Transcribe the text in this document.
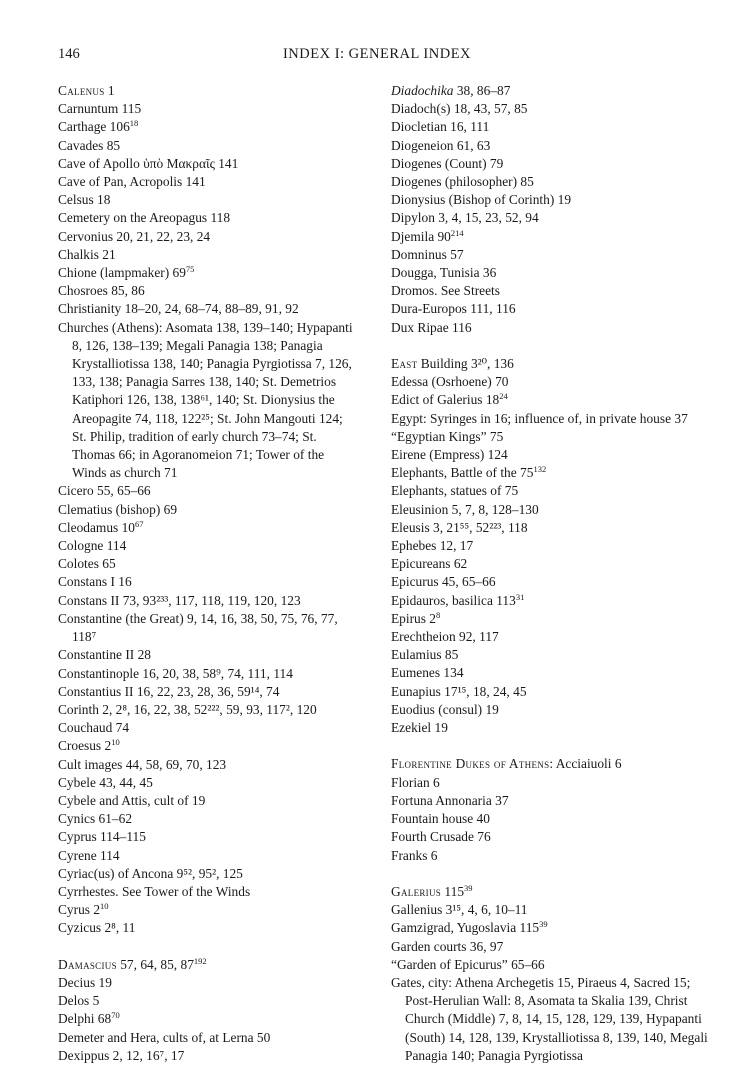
146	INDEX I: GENERAL INDEX
Calenus 1
Carnuntum 115
Carthage $106^{18}$
Cavades 85
Cave of Apollo ὑπὸ Μακραῖς 141
Cave of Pan, Acropolis 141
Celsus 18
Cemetery on the Areopagus 118
Cervonius 20, 21, 22, 23, 24
Chalkis 21
Chione (lampmaker) $69^{75}$
Chosroes 85, 86
Christianity 18–20, 24, 68–74, 88–89, 91, 92
Churches (Athens): Asomata 138, 139–140; Hypapanti 8, 126, 138–139; Megali Panagia 138; Panagia Krystalliotissa 138, 140; Panagia Pyrgiotissa 7, 126, 133, 138; Panagia Sarres 138, 140; St. Demetrios Katiphori 126, 138, 138⁶¹, 140; St. Dionysius the Areopagite 74, 118, 122²⁵; St. John Mangouti 124; St. Philip, tradition of early church 73–74; St. Thomas 66; in Agoranomeion 71; Tower of the Winds as church 71
Cicero 55, 65–66
Clematius (bishop) 69
Cleodamus $10^{67}$
Cologne 114
Colotes 65
Constans I 16
Constans II 73, 93²³³, 117, 118, 119, 120, 123
Constantine (the Great) 9, 14, 16, 38, 50, 75, 76, 77, 118⁷
Constantine II 28
Constantinople 16, 20, 38, 58⁹, 74, 111, 114
Constantius II 16, 22, 23, 28, 36, 59¹⁴, 74
Corinth 2, 2⁸, 16, 22, 38, 52²²², 59, 93, 117², 120
Couchaud 74
Croesus $2^{10}$
Cult images 44, 58, 69, 70, 123
Cybele 43, 44, 45
Cybele and Attis, cult of 19
Cynics 61–62
Cyprus 114–115
Cyrene 114
Cyriac(us) of Ancona 9⁵², 95², 125
Cyrrhestes. See Tower of the Winds
Cyrus $2^{10}$
Cyzicus 2⁸, 11
Damascius 57, 64, 85, $87^{192}$
Decius 19
Delos 5
Delphi $68^{70}$
Demeter and Hera, cults of, at Lerna 50
Dexippus 2, 12, 16⁷, 17
Diadochika 38, 86–87
Diadoch(s) 18, 43, 57, 85
Diocletian 16, 111
Diogeneion 61, 63
Diogenes (Count) 79
Diogenes (philosopher) 85
Dionysius (Bishop of Corinth) 19
Dipylon 3, 4, 15, 23, 52, 94
Djemila $90^{214}$
Domninus 57
Dougga, Tunisia 36
Dromos. See Streets
Dura-Europos 111, 116
Dux Ripae 116
East Building 3²⁰, 136
Edessa (Osrhoene) 70
Edict of Galerius $18^{24}$
Egypt: Syringes in 16; influence of, in private house 37
“Egyptian Kings” 75
Eirene (Empress) 124
Elephants, Battle of the $75^{132}$
Elephants, statues of 75
Eleusinion 5, 7, 8, 128–130
Eleusis 3, 21⁵⁵, 52²²³, 118
Ephebes 12, 17
Epicureans 62
Epicurus 45, 65–66
Epidauros, basilica $113^{31}$
Epirus $2^8$
Erechtheion 92, 117
Eulamius 85
Eumenes 134
Eunapius 17¹⁵, 18, 24, 45
Euodius (consul) 19
Ezekiel 19
Florentine Dukes of Athens: Acciaiuoli 6
Florian 6
Fortuna Annonaria 37
Fountain house 40
Fourth Crusade 76
Franks 6
Galerius $115^{39}$
Gallenius 3¹⁵, 4, 6, 10–11
Gamzigrad, Yugoslavia $115^{39}$
Garden courts 36, 97
“Garden of Epicurus” 65–66
Gates, city: Athena Archegetis 15, Piraeus 4, Sacred 15; Post-Herulian Wall: 8, Asomata ta Skalia 139, Christ Church (Middle) 7, 8, 14, 15, 128, 129, 139, Hypapanti (South) 14, 128, 139, Krystalliotissa 8, 139, 140, Megali Panagia 140; Panagia Pyrgiotissa
